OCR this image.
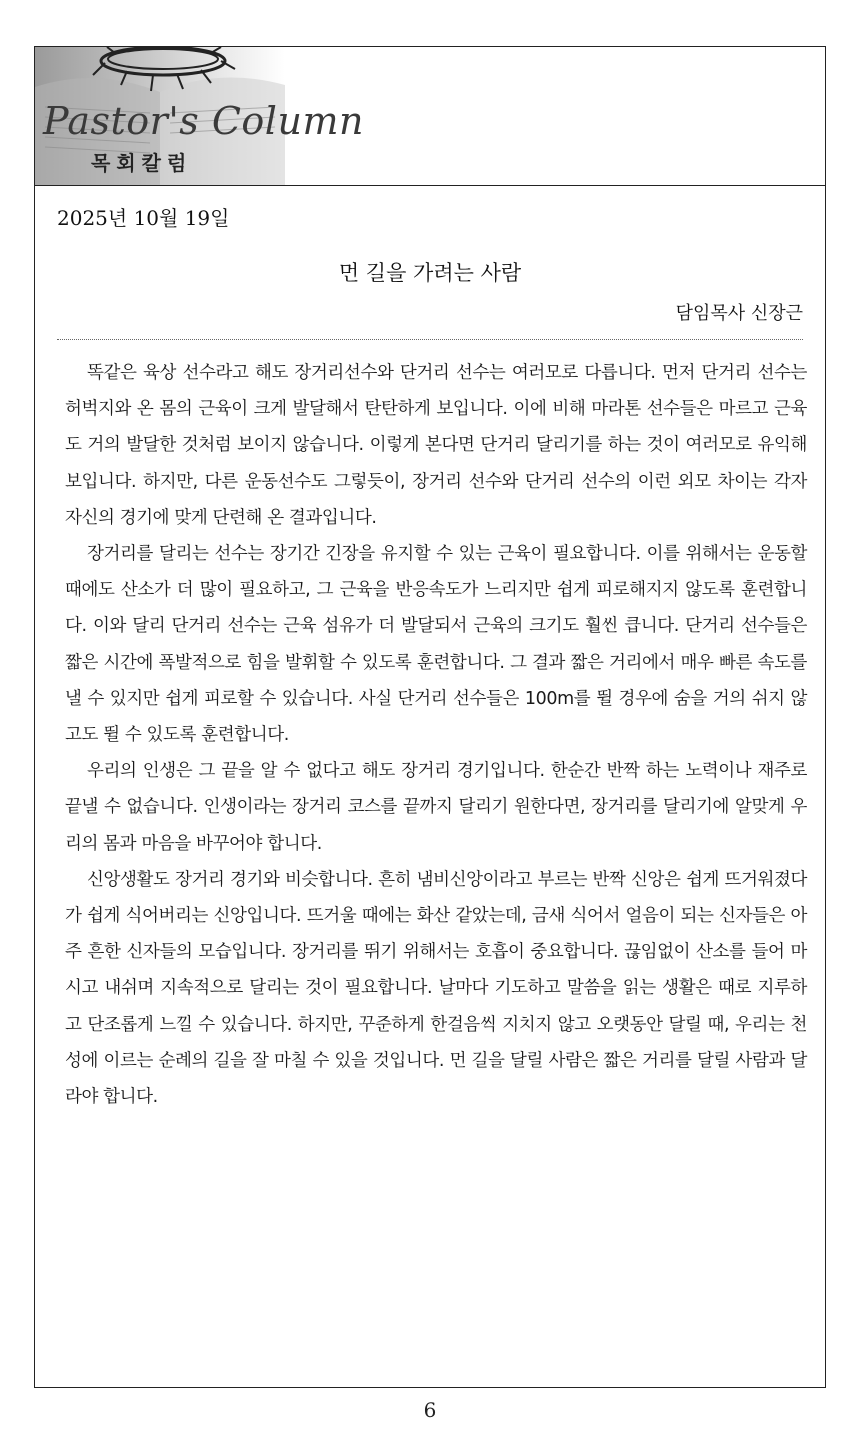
Pastor's Column
목회칼럼
2025년 10월 19일
먼 길을 가려는 사람
담임목사 신장근

똑같은 육상 선수라고 해도 장거리선수와 단거리 선수는 여러모로 다릅니다. 먼저 단거리 선수는 허벅지와 온 몸의 근육이 크게 발달해서 탄탄하게 보입니다. 이에 비해 마라톤 선수들은 마르고 근육도 거의 발달한 것처럼 보이지 않습니다. 이렇게 본다면 단거리 달리기를 하는 것이 여러모로 유익해 보입니다. 하지만, 다른 운동선수도 그렇듯이, 장거리 선수와 단거리 선수의 이런 외모 차이는 각자 자신의 경기에 맞게 단련해 온 결과입니다.

장거리를 달리는 선수는 장기간 긴장을 유지할 수 있는 근육이 필요합니다. 이를 위해서는 운동할 때에도 산소가 더 많이 필요하고, 그 근육을 반응속도가 느리지만 쉽게 피로해지지 않도록 훈련합니다. 이와 달리 단거리 선수는 근육 섬유가 더 발달되서 근육의 크기도 훨씬 큽니다. 단거리 선수들은 짧은 시간에 폭발적으로 힘을 발휘할 수 있도록 훈련합니다. 그 결과 짧은 거리에서 매우 빠른 속도를 낼 수 있지만 쉽게 피로할 수 있습니다. 사실 단거리 선수들은 100m를 뛸 경우에 숨을 거의 쉬지 않고도 뛸 수 있도록 훈련합니다.

우리의 인생은 그 끝을 알 수 없다고 해도 장거리 경기입니다. 한순간 반짝 하는 노력이나 재주로 끝낼 수 없습니다. 인생이라는 장거리 코스를 끝까지 달리기 원한다면, 장거리를 달리기에 알맞게 우리의 몸과 마음을 바꾸어야 합니다.

신앙생활도 장거리 경기와 비슷합니다. 흔히 냄비신앙이라고 부르는 반짝 신앙은 쉽게 뜨거워졌다가 쉽게 식어버리는 신앙입니다. 뜨거울 때에는 화산 같았는데, 금새 식어서 얼음이 되는 신자들은 아주 흔한 신자들의 모습입니다. 장거리를 뛰기 위해서는 호흡이 중요합니다. 끊임없이 산소를 들어 마시고 내쉬며 지속적으로 달리는 것이 필요합니다. 날마다 기도하고 말씀을 읽는 생활은 때로 지루하고 단조롭게 느낄 수 있습니다. 하지만, 꾸준하게 한걸음씩 지치지 않고 오랫동안 달릴 때, 우리는 천성에 이르는 순례의 길을 잘 마칠 수 있을 것입니다. 먼 길을 달릴 사람은 짧은 거리를 달릴 사람과 달라야 합니다.

6
